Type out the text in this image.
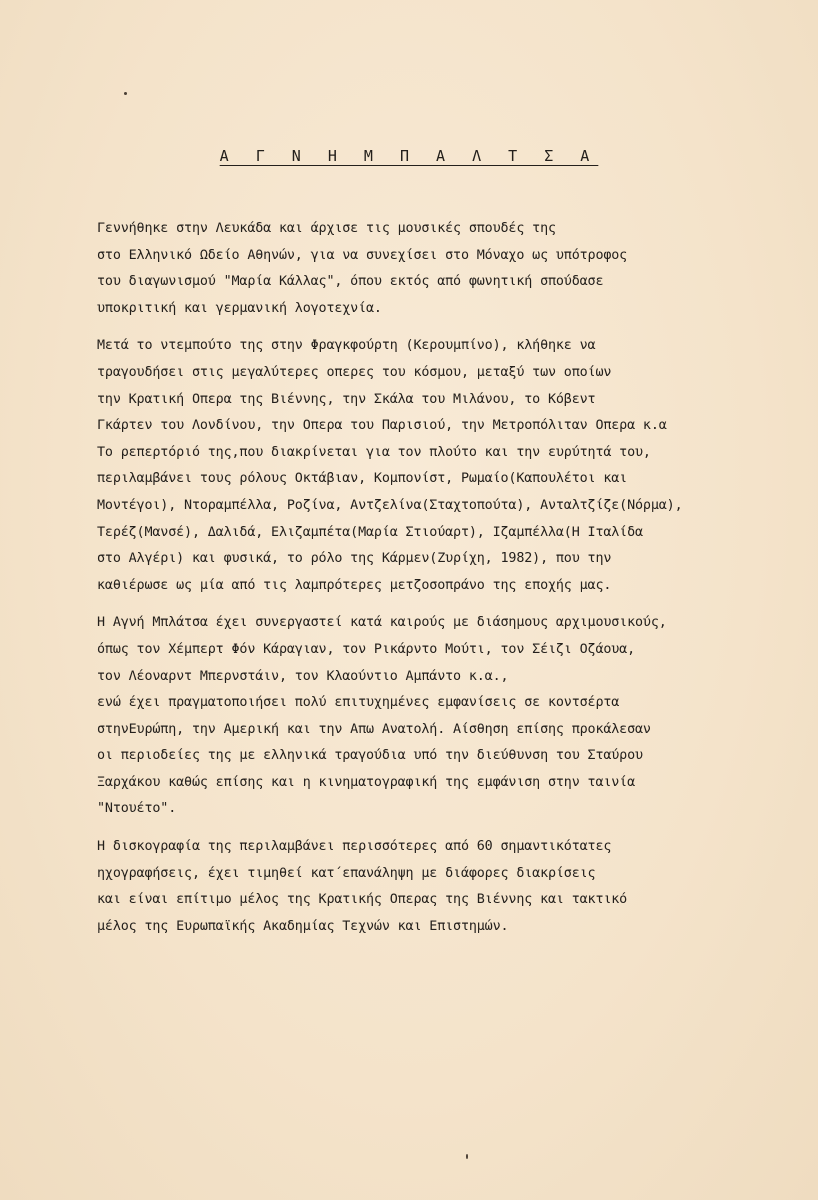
Α Γ Ν Η Μ Π Α Λ Τ Σ Α
Γεννήθηκε στην Λευκάδα και άρχισε τις μουσικές σπουδές της
στο Ελληνικό Ωδείο Αθηνών, για να συνεχίσει στο Μόναχο ως υπότροφος
του διαγωνισμού "Μαρία Κάλλας", όπου εκτός από φωνητική σπούδασε
υποκριτική και γερμανική λογοτεχνία.
Μετά το ντεμπούτο της στην Φραγκφούρτη (Κερουμπίνο), κλήθηκε να
τραγουδήσει στις μεγαλύτερες οπερες του κόσμου, μεταξύ των οποίων
την Κρατική Οπερα της Βιέννης, την Σκάλα του Μιλάνου, το Κόβεντ
Γκάρτεν του Λονδίνου, την Οπερα του Παρισιού, την Μετροπόλιταν Οπερα κ.α
Το ρεπερτόριό της,που διακρίνεται για τον πλούτο και την ευρύτητά του,
περιλαμβάνει τους ρόλους Οκτάβιαν, Κομπονίστ, Ρωμαίο(Καπουλέτοι και
Μοντέγοι), Ντοραμπέλλα, Ροζίνα, Αντζελίνα(Σταχτοπούτα), Ανταλτζίζε(Νόρμα),
Τερέζ(Μανσέ), Δαλιδά, Ελιζαμπέτα(Μαρία Στιούαρτ), Ιζαμπέλλα(Η Ιταλίδα
στο Αλγέρι) και φυσικά, το ρόλο της Κάρμεν(Ζυρίχη, 1982), που την
καθιέρωσε ως μία από τις λαμπρότερες μετζοσοπράνο της εποχής μας.
Η Αγνή Μπλάτσα έχει συνεργαστεί κατά καιρούς με διάσημους αρχιμουσικούς,
όπως τον Χέμπερτ Φόν Κάραγιαν, τον Ρικάρντο Μούτι, τον Σέιζι Οζάουα,
τον Λέοναρντ Μπερνστάιν, τον Κλαούντιο Αμπάντο κ.α.,
ενώ έχει πραγματοποιήσει πολύ επιτυχημένες εμφανίσεις σε κοντσέρτα
στηνΕυρώπη, την Αμερική και την Απω Ανατολή. Αίσθηση επίσης προκάλεσαν
οι περιοδείες της με ελληνικά τραγούδια υπό την διεύθυνση του Σταύρου
Ξαρχάκου καθώς επίσης και η κινηματογραφική της εμφάνιση στην ταινία
"Ντουέτο".
Η δισκογραφία της περιλαμβάνει περισσότερες από 60 σημαντικότατες
ηχογραφήσεις, έχει τιμηθεί κατ΄επανάληψη με διάφορες διακρίσεις
και είναι επίτιμο μέλος της Κρατικής Οπερας της Βιέννης και τακτικό
μέλος της Ευρωπαϊκής Ακαδημίας Τεχνών και Επιστημών.
